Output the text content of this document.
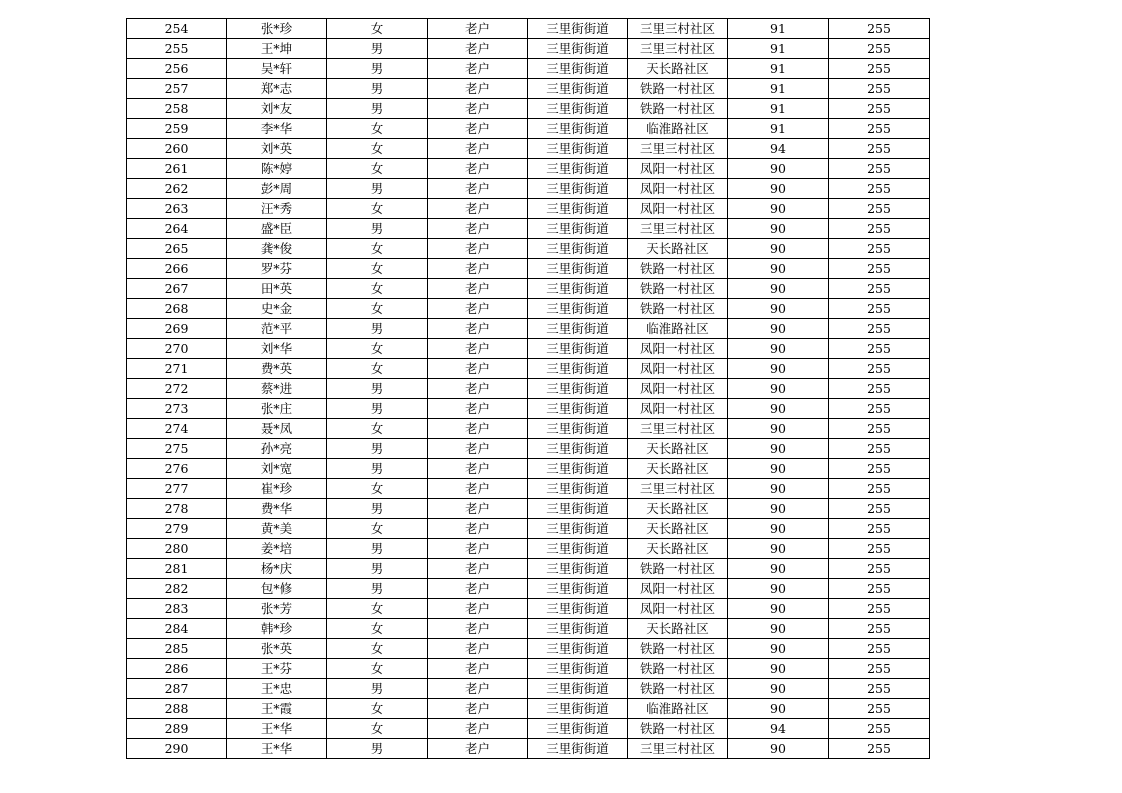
254	张*珍	女	老户	三里街街道	三里三村社区	91	255
255	王*坤	男	老户	三里街街道	三里三村社区	91	255
256	吴*轩	男	老户	三里街街道	天长路社区	91	255
257	郑*志	男	老户	三里街街道	铁路一村社区	91	255
258	刘*友	男	老户	三里街街道	铁路一村社区	91	255
259	李*华	女	老户	三里街街道	临淮路社区	91	255
260	刘*英	女	老户	三里街街道	三里三村社区	94	255
261	陈*婷	女	老户	三里街街道	凤阳一村社区	90	255
262	彭*周	男	老户	三里街街道	凤阳一村社区	90	255
263	汪*秀	女	老户	三里街街道	凤阳一村社区	90	255
264	盛*臣	男	老户	三里街街道	三里三村社区	90	255
265	龚*俊	女	老户	三里街街道	天长路社区	90	255
266	罗*芬	女	老户	三里街街道	铁路一村社区	90	255
267	田*英	女	老户	三里街街道	铁路一村社区	90	255
268	史*金	女	老户	三里街街道	铁路一村社区	90	255
269	范*平	男	老户	三里街街道	临淮路社区	90	255
270	刘*华	女	老户	三里街街道	凤阳一村社区	90	255
271	费*英	女	老户	三里街街道	凤阳一村社区	90	255
272	蔡*进	男	老户	三里街街道	凤阳一村社区	90	255
273	张*庄	男	老户	三里街街道	凤阳一村社区	90	255
274	聂*凤	女	老户	三里街街道	三里三村社区	90	255
275	孙*亮	男	老户	三里街街道	天长路社区	90	255
276	刘*宽	男	老户	三里街街道	天长路社区	90	255
277	崔*珍	女	老户	三里街街道	三里三村社区	90	255
278	费*华	男	老户	三里街街道	天长路社区	90	255
279	黄*美	女	老户	三里街街道	天长路社区	90	255
280	姜*培	男	老户	三里街街道	天长路社区	90	255
281	杨*庆	男	老户	三里街街道	铁路一村社区	90	255
282	包*修	男	老户	三里街街道	凤阳一村社区	90	255
283	张*芳	女	老户	三里街街道	凤阳一村社区	90	255
284	韩*珍	女	老户	三里街街道	天长路社区	90	255
285	张*英	女	老户	三里街街道	铁路一村社区	90	255
286	王*芬	女	老户	三里街街道	铁路一村社区	90	255
287	王*忠	男	老户	三里街街道	铁路一村社区	90	255
288	王*霞	女	老户	三里街街道	临淮路社区	90	255
289	王*华	女	老户	三里街街道	铁路一村社区	94	255
290	王*华	男	老户	三里街街道	三里三村社区	90	255
